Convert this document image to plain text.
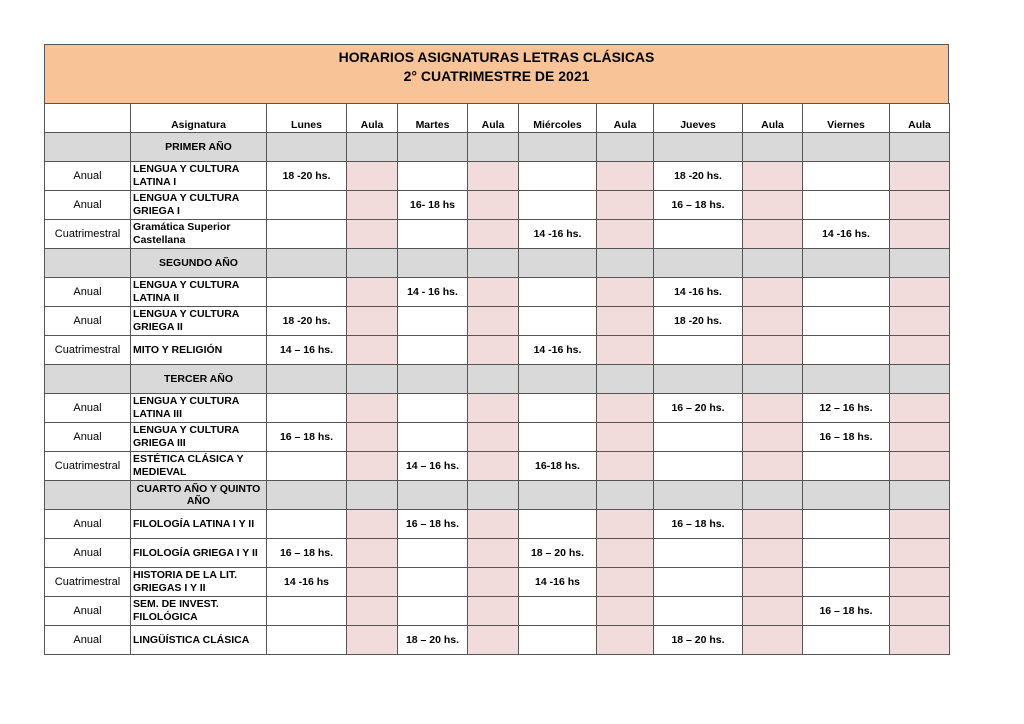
HORARIOS ASIGNATURAS LETRAS CLÁSICAS
2° CUATRIMESTRE DE 2021
	Asignatura	Lunes	Aula	Martes	Aula	Miércoles	Aula	Jueves	Aula	Viernes	Aula
	PRIMER AÑO										
Anual	LENGUA Y CULTURA LATINA I	18 -20 hs.						18 -20 hs.			
Anual	LENGUA Y CULTURA GRIEGA I			16- 18 hs				16 – 18 hs.			
Cuatrimestral	Gramática Superior Castellana					14 -16 hs.				14 -16 hs.	
	SEGUNDO AÑO										
Anual	LENGUA Y CULTURA LATINA II			14 - 16 hs.				14 -16 hs.			
Anual	LENGUA Y CULTURA GRIEGA II	18 -20 hs.						18 -20 hs.			
Cuatrimestral	MITO Y RELIGIÓN	14 – 16 hs.				14 -16 hs.					
	TERCER AÑO										
Anual	LENGUA Y CULTURA LATINA III							16 – 20 hs.		12 – 16 hs.	
Anual	LENGUA Y CULTURA GRIEGA III	16 – 18 hs.								16 – 18 hs.	
Cuatrimestral	ESTÉTICA CLÁSICA Y MEDIEVAL			14 – 16 hs.		16-18 hs.					
	CUARTO AÑO Y QUINTO AÑO										
Anual	FILOLOGÍA LATINA I Y II			16 – 18 hs.				16 – 18 hs.			
Anual	FILOLOGÍA GRIEGA I Y II	16 – 18 hs.				18 – 20 hs.					
Cuatrimestral	HISTORIA DE LA LIT. GRIEGAS I Y II	14 -16 hs				14 -16 hs					
Anual	SEM. DE INVEST. FILOLÓGICA									16 – 18 hs.	
Anual	LINGÜÍSTICA CLÁSICA			18 – 20 hs.				18 – 20 hs.			
